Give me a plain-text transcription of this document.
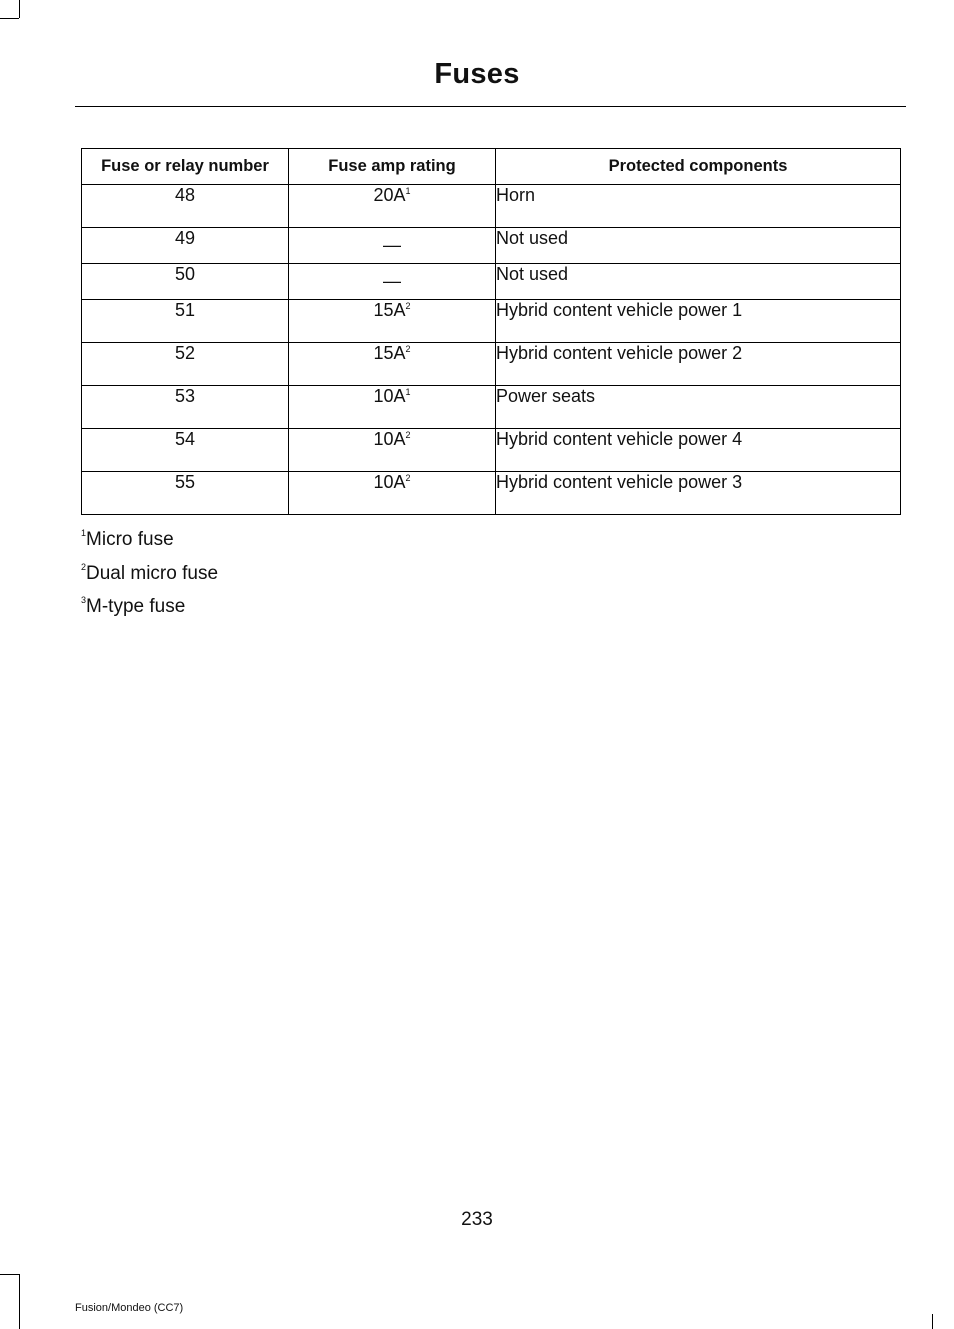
Fuses
Fuse or relay number	Fuse amp rating	Protected components
48	$20A^1$	Horn
49	—	Not used
50	—	Not used
51	$15A^2$	Hybrid content vehicle power 1
52	$15A^2$	Hybrid content vehicle power 2
53	$10A^1$	Power seats
54	$10A^2$	Hybrid content vehicle power 4
55	$10A^2$	Hybrid content vehicle power 3
$^1$Micro fuse
$^2$Dual micro fuse
$^3$M-type fuse
233
Fusion/Mondeo (CC7)
